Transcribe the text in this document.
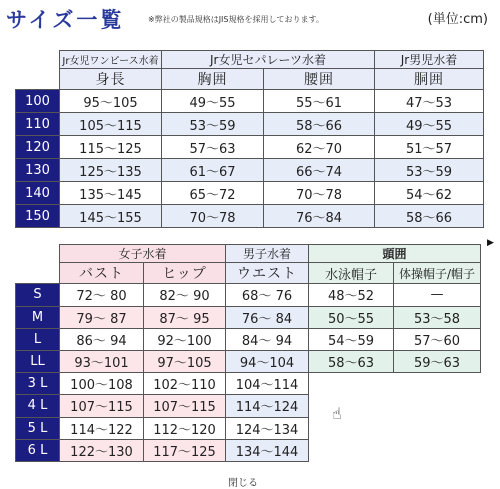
サイズ一覧	※弊社の製品規格はJIS規格を採用しております。	(単位:cm)
	Jr女児ワンピース水着	Jr女児セパレーツ水着		Jr男児水着
	身長	胸囲	腰囲	胴囲
100	95〜105	49〜55	55〜61	47〜53
110	105〜115	53〜59	58〜66	49〜55
120	115〜125	57〜63	62〜70	51〜57
130	125〜135	61〜67	66〜74	53〜59
140	135〜145	65〜72	70〜78	54〜62
150	145〜155	70〜78	76〜84	58〜66
	女子水着		男子水着	頭囲	
	バスト	ヒップ	ウエスト	水泳帽子	体操帽子/帽子
S	72〜 80	82〜 90	68〜 76	48〜52	—
M	79〜 87	87〜 95	76〜 84	50〜55	53〜58
L	86〜 94	92〜100	84〜 94	54〜59	57〜60
LL	93〜101	97〜105	94〜104	58〜63	59〜63
3 L	100〜108	102〜110	104〜114		
4 L	107〜115	107〜115	114〜124		
5 L	114〜122	112〜120	124〜134		
6 L	122〜130	117〜125	134〜144		
▶
☝
閉じる
